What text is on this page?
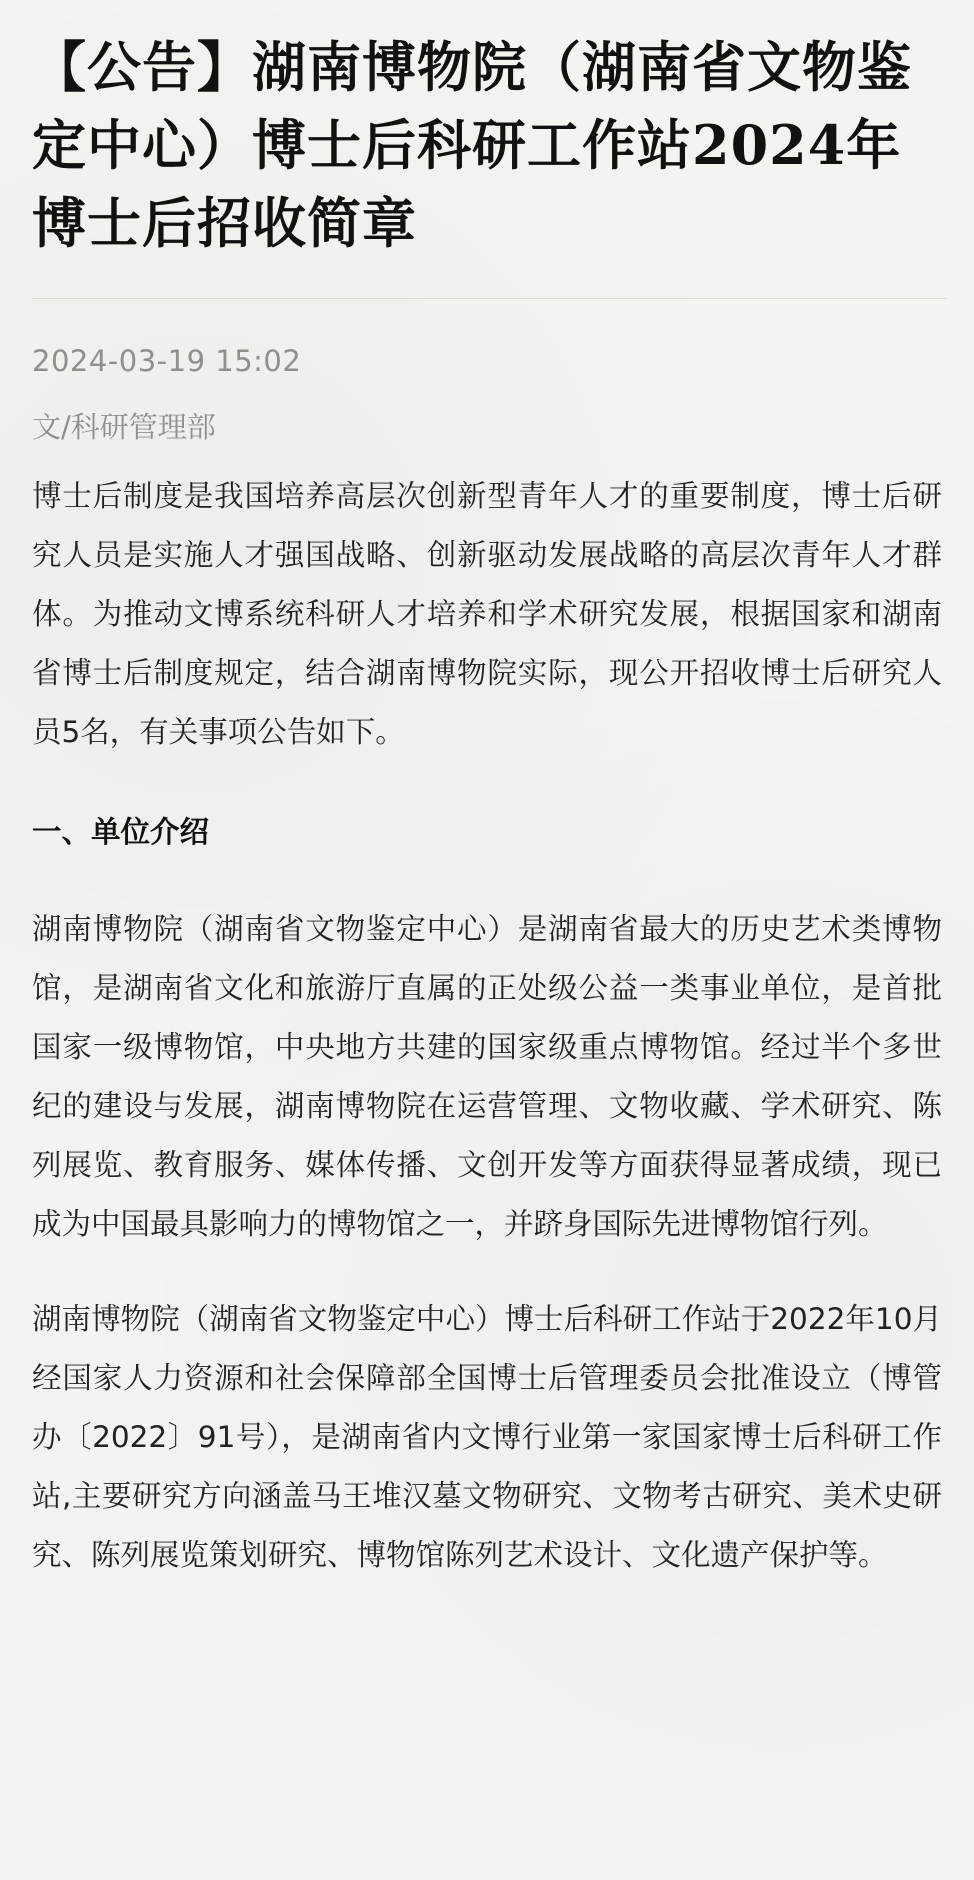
【公告】湖南博物院（湖南省文物鉴定中心）博士后科研工作站2024年博士后招收简章
2024-03-19 15:02
文/科研管理部

博士后制度是我国培养高层次创新型青年人才的重要制度，博士后研究人员是实施人才强国战略、创新驱动发展战略的高层次青年人才群体。为推动文博系统科研人才培养和学术研究发展，根据国家和湖南省博士后制度规定，结合湖南博物院实际，现公开招收博士后研究人员5名，有关事项公告如下。

一、单位介绍

湖南博物院（湖南省文物鉴定中心）是湖南省最大的历史艺术类博物馆，是湖南省文化和旅游厅直属的正处级公益一类事业单位，是首批国家一级博物馆，中央地方共建的国家级重点博物馆。经过半个多世纪的建设与发展，湖南博物院在运营管理、文物收藏、学术研究、陈列展览、教育服务、媒体传播、文创开发等方面获得显著成绩，现已成为中国最具影响力的博物馆之一，并跻身国际先进博物馆行列。

湖南博物院（湖南省文物鉴定中心）博士后科研工作站于2022年10月经国家人力资源和社会保障部全国博士后管理委员会批准设立（博管办〔2022〕91号），是湖南省内文博行业第一家国家博士后科研工作站,主要研究方向涵盖马王堆汉墓文物研究、文物考古研究、美术史研究、陈列展览策划研究、博物馆陈列艺术设计、文化遗产保护等。
